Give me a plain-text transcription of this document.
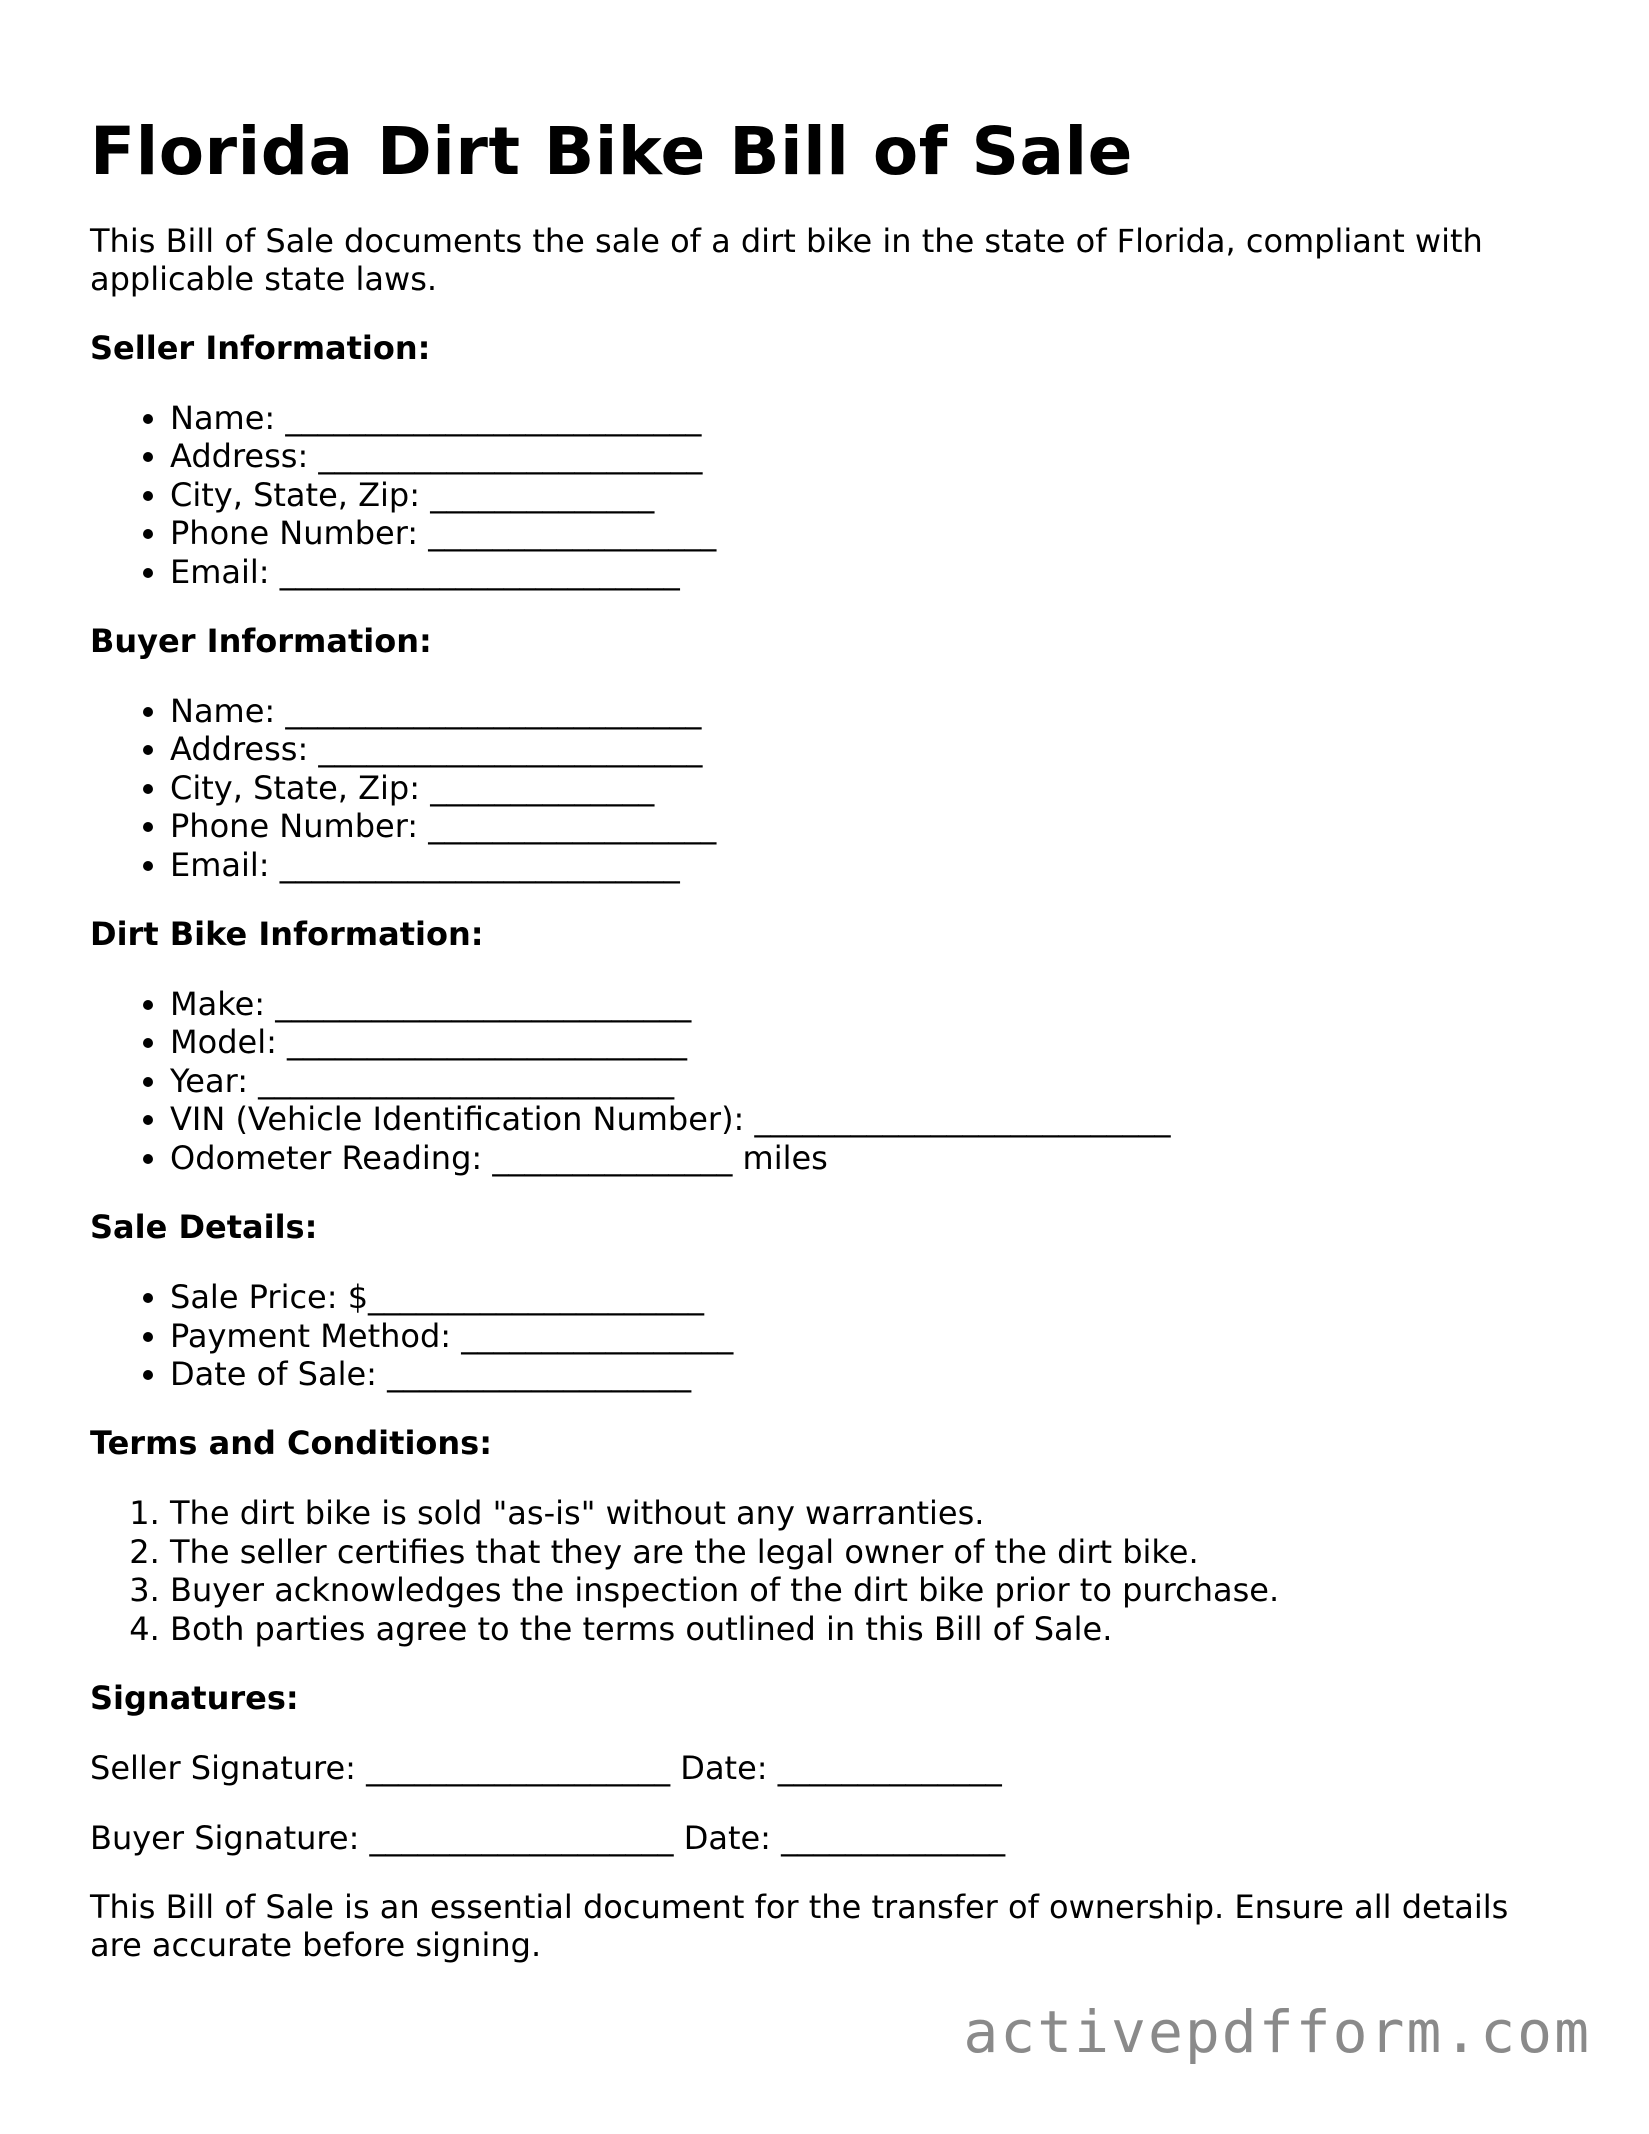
Florida Dirt Bike Bill of Sale

This Bill of Sale documents the sale of a dirt bike in the state of Florida, compliant with applicable state laws.

Seller Information:
• Name: __________________________
• Address: ________________________
• City, State, Zip: ______________
• Phone Number: __________________
• Email: _________________________
Buyer Information:
• Name: __________________________
• Address: ________________________
• City, State, Zip: ______________
• Phone Number: __________________
• Email: _________________________
Dirt Bike Information:
• Make: __________________________
• Model: _________________________
• Year: __________________________
• VIN (Vehicle Identification Number): __________________________
• Odometer Reading: _______________ miles
Sale Details:
• Sale Price: $_____________________
• Payment Method: _________________
• Date of Sale: ___________________
Terms and Conditions:
1. The dirt bike is sold "as-is" without any warranties.
2. The seller certifies that they are the legal owner of the dirt bike.
3. Buyer acknowledges the inspection of the dirt bike prior to purchase.
4. Both parties agree to the terms outlined in this Bill of Sale.
Signatures:

Seller Signature: ___________________ Date: ______________

Buyer Signature: ___________________ Date: ______________

This Bill of Sale is an essential document for the transfer of ownership. Ensure all details are accurate before signing.

activepdfform.com
